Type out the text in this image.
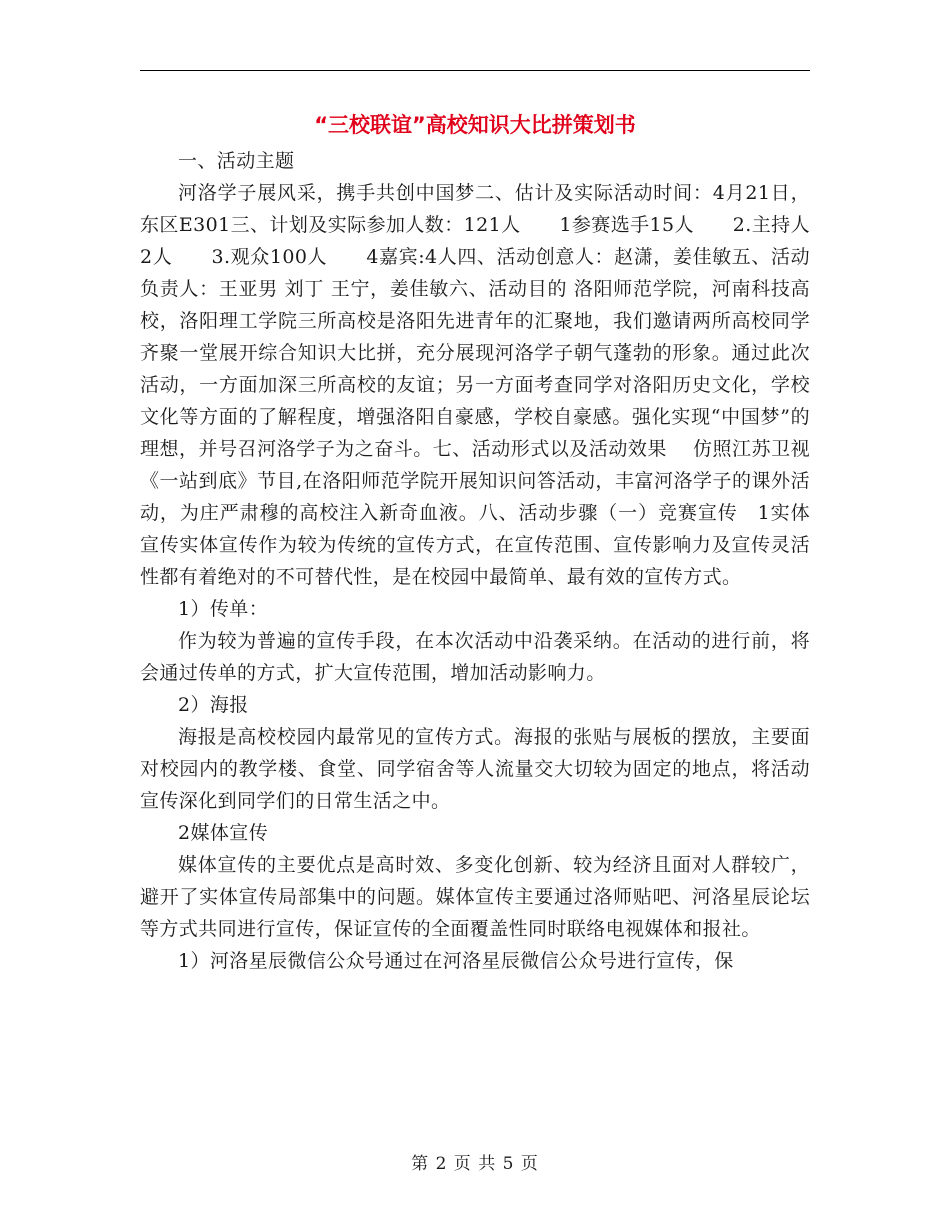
“三校联谊”高校知识大比拼策划书

一、活动主题

河洛学子展风采，携手共创中国梦二、估计及实际活动时间：4月21日，东区E301三、计划及实际参加人数：121人　　1参赛选手15人　　2.主持人2人　　3.观众100人　　4嘉宾:4人四、活动创意人：赵潇，姜佳敏五、活动负责人：王亚男 刘丁 王宁，姜佳敏六、活动目的 洛阳师范学院，河南科技高校，洛阳理工学院三所高校是洛阳先进青年的汇聚地，我们邀请两所高校同学齐聚一堂展开综合知识大比拼，充分展现河洛学子朝气蓬勃的形象。通过此次活动，一方面加深三所高校的友谊；另一方面考查同学对洛阳历史文化，学校文化等方面的了解程度，增强洛阳自豪感，学校自豪感。强化实现“中国梦”的理想，并号召河洛学子为之奋斗。七、活动形式以及活动效果　 仿照江苏卫视《一站到底》节目,在洛阳师范学院开展知识问答活动，丰富河洛学子的课外活动，为庄严肃穆的高校注入新奇血液。八、活动步骤（一）竞赛宣传　1实体宣传实体宣传作为较为传统的宣传方式，在宣传范围、宣传影响力及宣传灵活性都有着绝对的不可替代性，是在校园中最简单、最有效的宣传方式。

1）传单：

作为较为普遍的宣传手段，在本次活动中沿袭采纳。在活动的进行前，将会通过传单的方式，扩大宣传范围，增加活动影响力。

2）海报

海报是高校校园内最常见的宣传方式。海报的张贴与展板的摆放，主要面对校园内的教学楼、食堂、同学宿舍等人流量交大切较为固定的地点，将活动宣传深化到同学们的日常生活之中。

2媒体宣传

媒体宣传的主要优点是高时效、多变化创新、较为经济且面对人群较广，避开了实体宣传局部集中的问题。媒体宣传主要通过洛师贴吧、河洛星辰论坛等方式共同进行宣传，保证宣传的全面覆盖性同时联络电视媒体和报社。

1）河洛星辰微信公众号通过在河洛星辰微信公众号进行宣传，保

第 2 页 共 5 页
